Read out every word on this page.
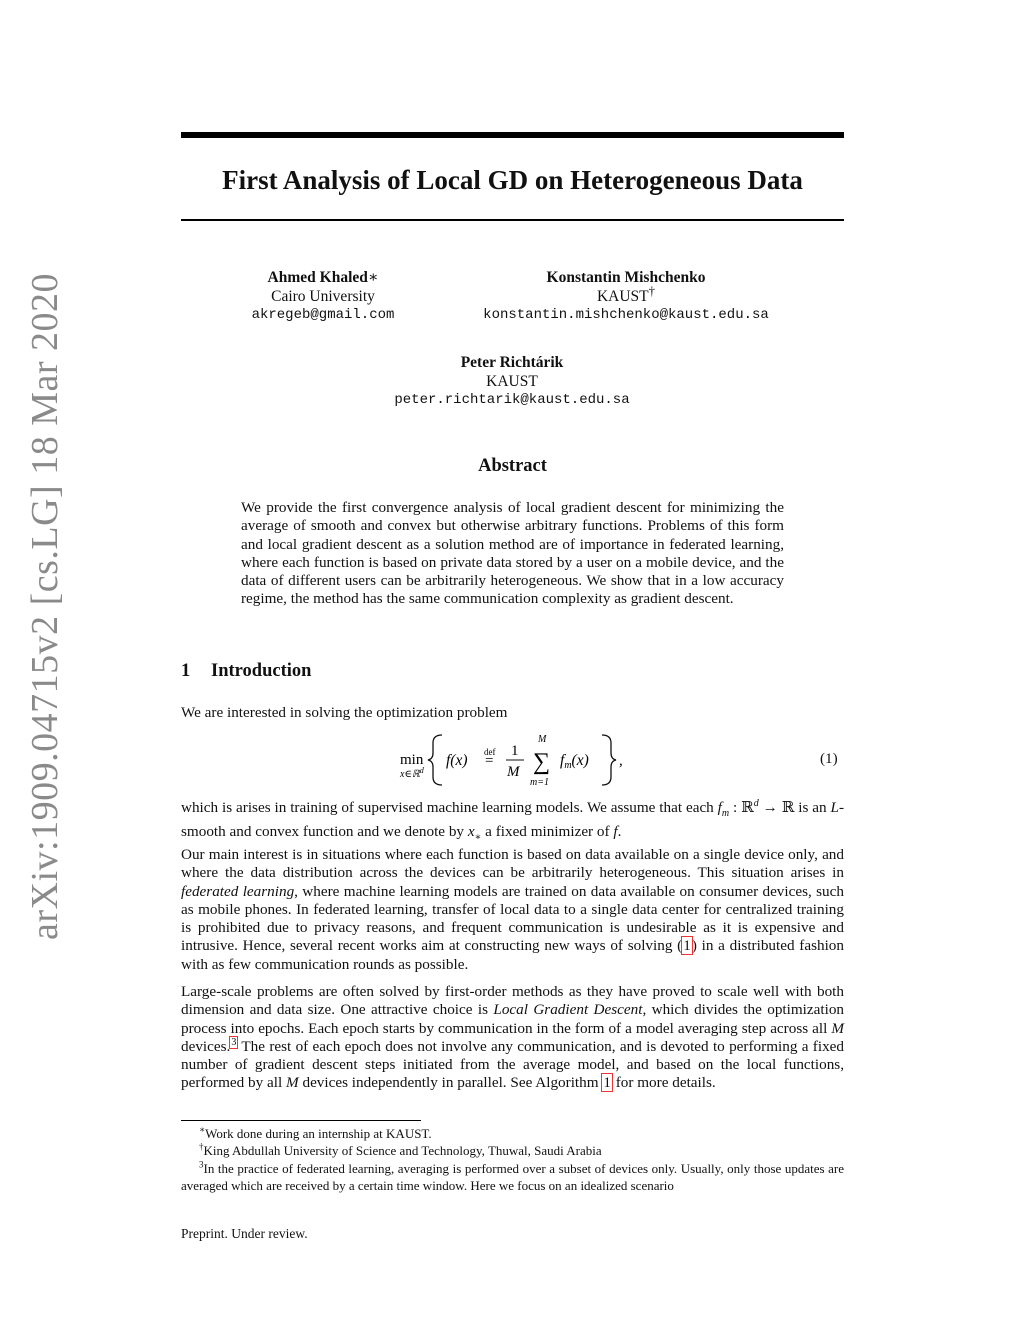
arXiv:1909.04715v2 [cs.LG] 18 Mar 2020
First Analysis of Local GD on Heterogeneous Data
Ahmed Khaled∗
Cairo University
akregeb@gmail.com
Konstantin Mishchenko
KAUST†
konstantin.mishchenko@kaust.edu.sa
Peter Richtárik
KAUST
peter.richtarik@kaust.edu.sa
Abstract
We provide the first convergence analysis of local gradient descent for minimizing the average of smooth and convex but otherwise arbitrary functions. Problems of this form and local gradient descent as a solution method are of importance in federated learning, where each function is based on private data stored by a user on a mobile device, and the data of different users can be arbitrarily heterogeneous. We show that in a low accuracy regime, the method has the same communication complexity as gradient descent.
1 Introduction
We are interested in solving the optimization problem
min
x∈ℝ$^d$
f(x) def
=
1
M
M
∑
m=1
fm(x) ,	(1)
which is arises in training of supervised machine learning models. We assume that each $f_m$ : ℝ$^d$ → ℝ is an L-smooth and convex function and we denote by $x_∗$ a fixed minimizer of f.
Our main interest is in situations where each function is based on data available on a single device only, and where the data distribution across the devices can be arbitrarily heterogeneous. This situation arises in federated learning, where machine learning models are trained on data available on consumer devices, such as mobile phones. In federated learning, transfer of local data to a single data center for centralized training is prohibited due to privacy reasons, and frequent communication is undesirable as it is expensive and intrusive. Hence, several recent works aim at constructing new ways of solving (1) in a distributed fashion with as few communication rounds as possible.
Large-scale problems are often solved by first-order methods as they have proved to scale well with both dimension and data size. One attractive choice is Local Gradient Descent, which divides the optimization process into epochs. Each epoch starts by communication in the form of a model averaging step across all M devices.$^3$ The rest of each epoch does not involve any communication, and is devoted to performing a fixed number of gradient descent steps initiated from the average model, and based on the local functions, performed by all M devices independently in parallel. See Algorithm 1 for more details.
∗Work done during an internship at KAUST.
†King Abdullah University of Science and Technology, Thuwal, Saudi Arabia
$^3$In the practice of federated learning, averaging is performed over a subset of devices only. Usually, only those updates are averaged which are received by a certain time window. Here we focus on an idealized scenario
Preprint. Under review.
